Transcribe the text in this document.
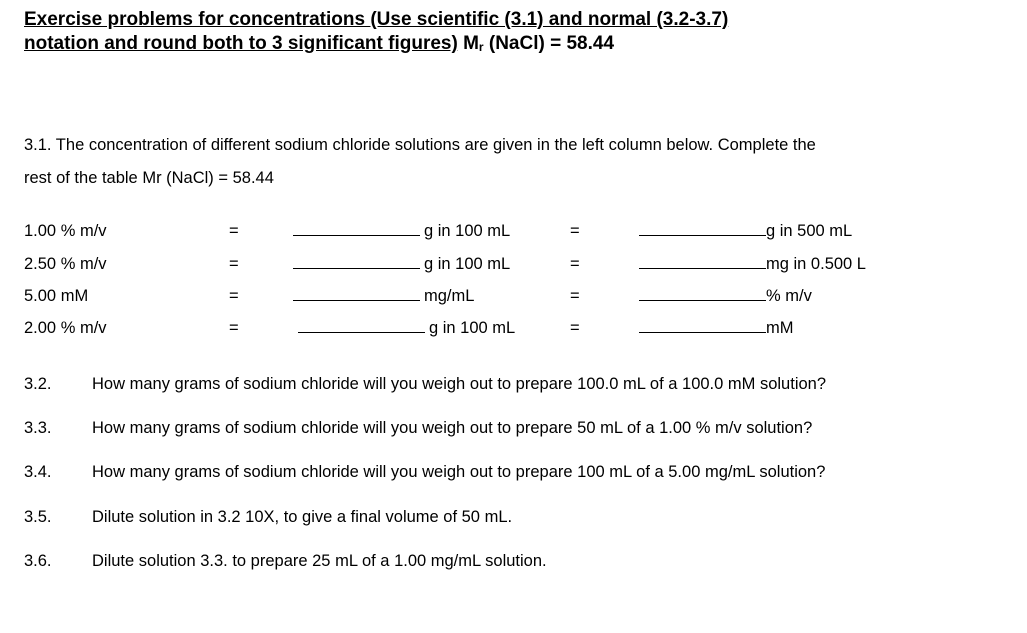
Exercise problems for concentrations (Use scientific (3.1) and normal (3.2-3.7)
notation and round both to 3 significant figures) Mr (NaCl) = 58.44
3.1. The concentration of different sodium chloride solutions are given in the left column below. Complete the
rest of the table Mr (NaCl) = 58.44
1.00 % m/v	=	g in 100 mL	=	g in 500 mL
2.50 % m/v	=	g in 100 mL	=	mg in 0.500 L
5.00 mM	=	mg/mL	=	% m/v
2.00 % m/v	=	g in 100 mL	=	mM
3.2. How many grams of sodium chloride will you weigh out to prepare 100.0 mL of a 100.0 mM solution?
3.3. How many grams of sodium chloride will you weigh out to prepare 50 mL of a 1.00 % m/v solution?
3.4. How many grams of sodium chloride will you weigh out to prepare 100 mL of a 5.00 mg/mL solution?
3.5. Dilute solution in 3.2 10X, to give a final volume of 50 mL.
3.6. Dilute solution 3.3. to prepare 25 mL of a 1.00 mg/mL solution.
